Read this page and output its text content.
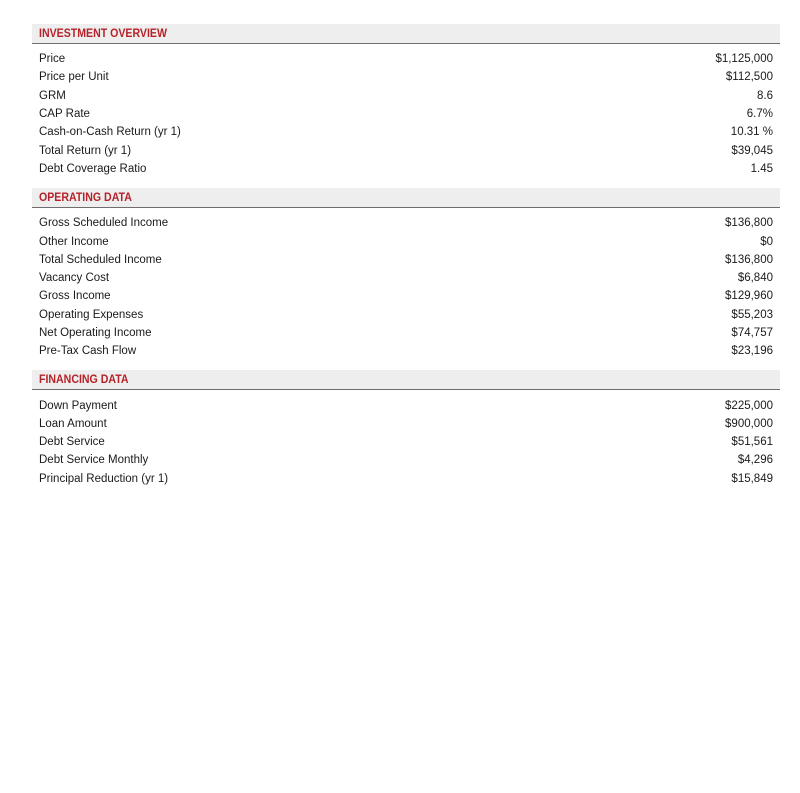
INVESTMENT OVERVIEW
Price	$1,125,000
Price per Unit	$112,500
GRM	8.6
CAP Rate	6.7%
Cash-on-Cash Return (yr 1)	10.31 %
Total Return (yr 1)	$39,045
Debt Coverage Ratio	1.45
OPERATING DATA
Gross Scheduled Income	$136,800
Other Income	$0
Total Scheduled Income	$136,800
Vacancy Cost	$6,840
Gross Income	$129,960
Operating Expenses	$55,203
Net Operating Income	$74,757
Pre-Tax Cash Flow	$23,196
FINANCING DATA
Down Payment	$225,000
Loan Amount	$900,000
Debt Service	$51,561
Debt Service Monthly	$4,296
Principal Reduction (yr 1)	$15,849
